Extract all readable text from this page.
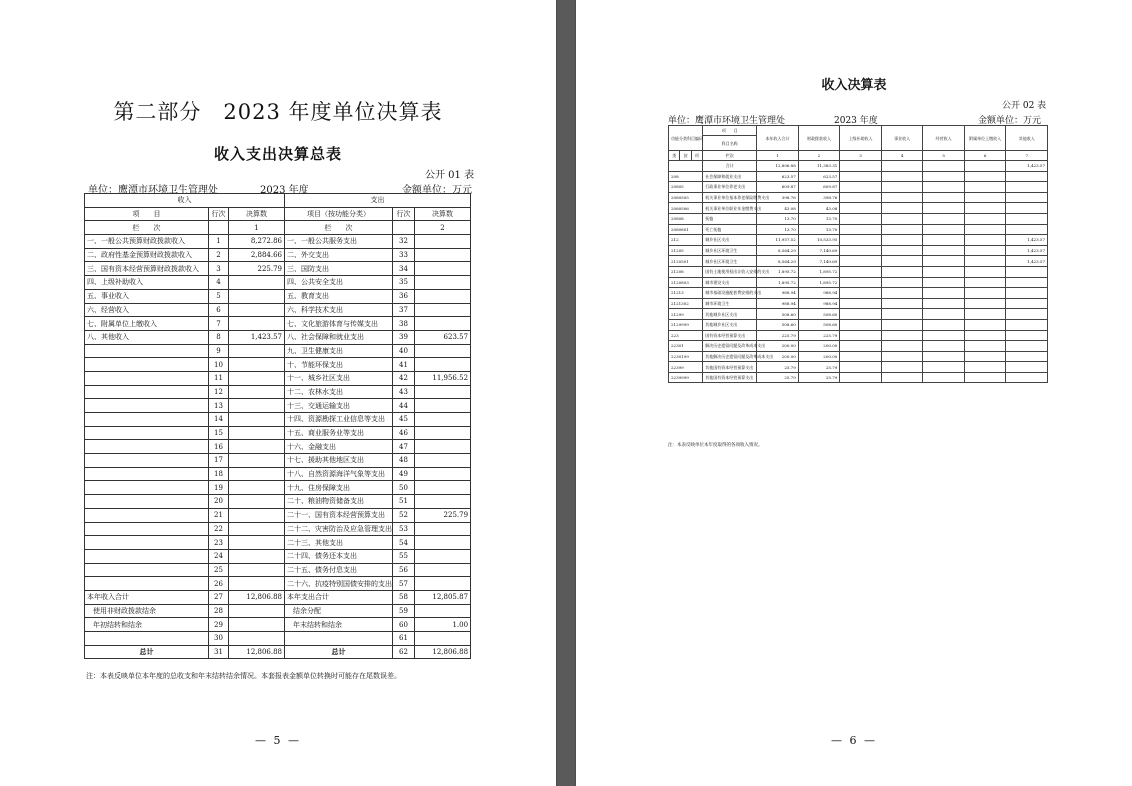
第二部分　2023 年度单位决算表
收入支出决算总表
公开 01 表
单位：鹰潭市环境卫生管理处	2023 年度	金额单位：万元
收入			支出		
项　　目	行次	决算数	项目（按功能分类）	行次	决算数
栏　　次		1	栏　　次		2
一、一般公共预算财政拨款收入	1	8,272.86	一、一般公共服务支出	32	
二、政府性基金预算财政拨款收入	2	2,884.66	二、外交支出	33	
三、国有资本经营预算财政拨款收入	3	225.79	三、国防支出	34	
四、上级补助收入	4		四、公共安全支出	35	
五、事业收入	5		五、教育支出	36	
六、经营收入	6		六、科学技术支出	37	
七、附属单位上缴收入	7		七、文化旅游体育与传媒支出	38	
八、其他收入	8	1,423.57	八、社会保障和就业支出	39	623.57
	9		九、卫生健康支出	40	
	10		十、节能环保支出	41	
	11		十一、城乡社区支出	42	11,956.52
	12		十二、农林水支出	43	
	13		十三、交通运输支出	44	
	14		十四、资源勘探工业信息等支出	45	
	15		十五、商业服务业等支出	46	
	16		十六、金融支出	47	
	17		十七、援助其他地区支出	48	
	18		十八、自然资源海洋气象等支出	49	
	19		十九、住房保障支出	50	
	20		二十、粮油物资储备支出	51	
	21		二十一、国有资本经营预算支出	52	225.79
	22		二十二、灾害防治及应急管理支出	53	
	23		二十三、其他支出	54	
	24		二十四、债务还本支出	55	
	25		二十五、债务付息支出	56	
	26		二十六、抗疫特别国债安排的支出	57	
本年收入合计	27	12,806.88	本年支出合计	58	12,805.87
使用非财政拨款结余	28		结余分配	59	
年初结转和结余	29		年末结转和结余	60	1.00
	30			61	
总计	31	12,806.88	总计	62	12,806.88
注：本表反映单位本年度的总收支和年末结转结余情况。本套报表金额单位转换时可能存在尾数误差。
— 5 —
收入决算表
公开 02 表
单位：鹰潭市环境卫生管理处	2023 年度	金额单位：万元
功能分类科目编码			项　　目	本年收入合计	财政拨款收入	上级补助收入	事业收入	经营收入	附属单位上缴收入	其他收入
			科目名称							
类	款	项	栏次	1	2	3	4	5	6	7
			合计	12,806.88	11,383.31					1,423.57
208			社会保障和就业支出	623.57	623.57					
20805			行政事业单位养老支出	609.87	609.87					
2080505			机关事业单位基本养老保险缴费支出	398.76	398.76					
2080506			机关事业单位职业年金缴费支出	43.08	43.08					
20808			抚恤	13.70	13.70					
2080801			死亡抚恤	13.70	13.70					
212			城乡社区支出	11,957.52	10,533.95					1,423.57
21205			城乡社区环境卫生	8,564.29	7,140.69					1,423.57
2120501			城乡社区环境卫生	8,564.29	7,140.69					1,423.57
21208			国有土地使用权出让收入安排的支出	1,895.72	1,895.72					
2120803			城市建设支出	1,895.72	1,895.72					
21213			城市基础设施配套费安排的支出	988.94	988.94					
2121302			城市环境卫生	988.94	988.94					
21299			其他城乡社区支出	508.60	508.60					
2129999			其他城乡社区支出	508.60	508.60					
223			国有资本经营预算支出	225.79	225.79					
22301			解决历史遗留问题及改革成本支出	200.00	200.00					
2230199			其他解决历史遗留问题及改革成本支出	200.00	200.00					
22399			其他国有资本经营预算支出	25.79	25.79					
2239999			其他国有资本经营预算支出	25.79	25.79					
注：本表反映单位本年度取得的各项收入情况。
— 6 —
